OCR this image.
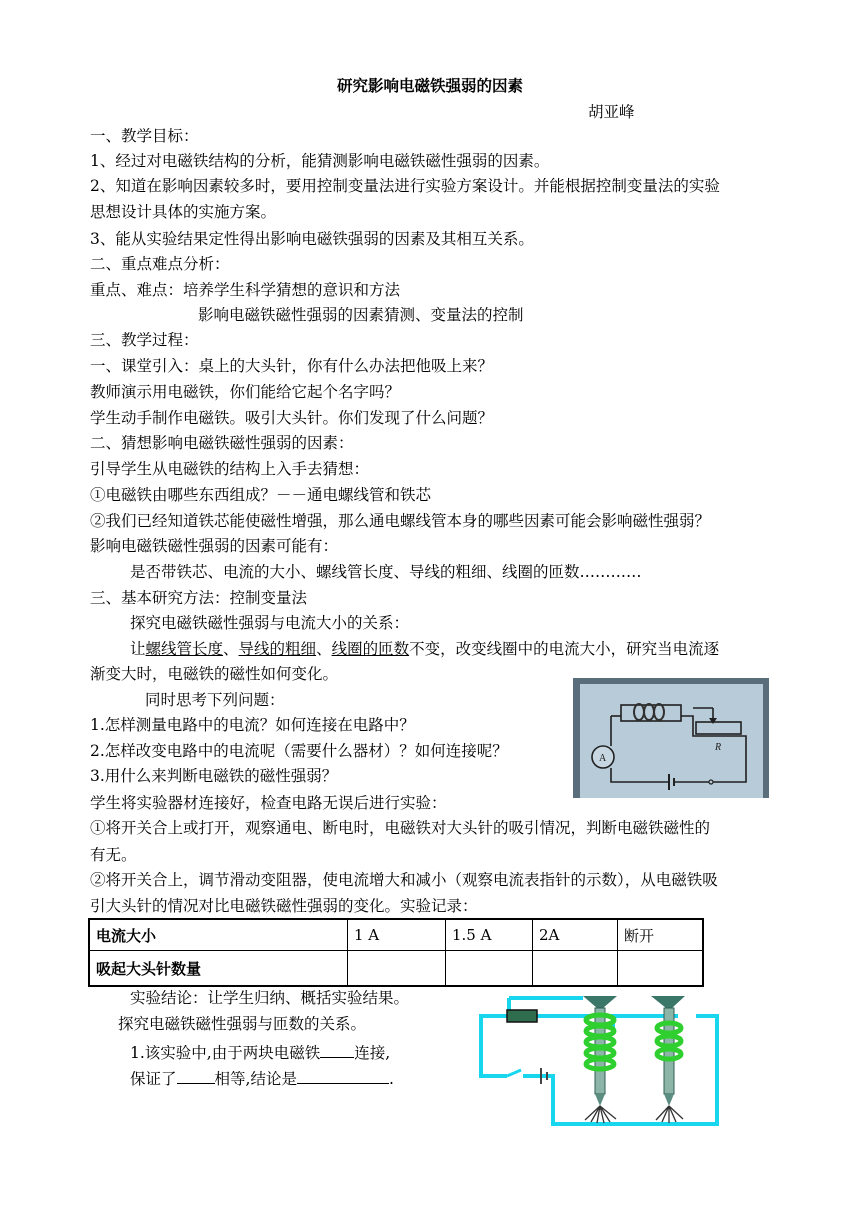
研究影响电磁铁强弱的因素
胡亚峰
一、教学目标：
1、经过对电磁铁结构的分析，能猜测影响电磁铁磁性强弱的因素。
2、知道在影响因素较多时，要用控制变量法进行实验方案设计。并能根据控制变量法的实验
思想设计具体的实施方案。
3、能从实验结果定性得出影响电磁铁强弱的因素及其相互关系。
二、重点难点分析：
重点、难点：培养学生科学猜想的意识和方法
影响电磁铁磁性强弱的因素猜测、变量法的控制
三、教学过程：
一、课堂引入：桌上的大头针，你有什么办法把他吸上来？
教师演示用电磁铁，你们能给它起个名字吗？
学生动手制作电磁铁。吸引大头针。你们发现了什么问题？
二、猜想影响电磁铁磁性强弱的因素：
引导学生从电磁铁的结构上入手去猜想：
①电磁铁由哪些东西组成？－－通电螺线管和铁芯
②我们已经知道铁芯能使磁性增强，那么通电螺线管本身的哪些因素可能会影响磁性强弱？
影响电磁铁磁性强弱的因素可能有：
是否带铁芯、电流的大小、螺线管长度、导线的粗细、线圈的匝数…………
三、基本研究方法：控制变量法
探究电磁铁磁性强弱与电流大小的关系：
让螺线管长度、导线的粗细、线圈的匝数不变，改变线圈中的电流大小，研究当电流逐
渐变大时，电磁铁的磁性如何变化。
同时思考下列问题：
1.怎样测量电路中的电流？如何连接在电路中？
2.怎样改变电路中的电流呢（需要什么器材）？如何连接呢？
3.用什么来判断电磁铁的磁性强弱？
学生将实验器材连接好，检查电路无误后进行实验：
①将开关合上或打开，观察通电、断电时，电磁铁对大头针的吸引情况，判断电磁铁磁性的
有无。
②将开关合上，调节滑动变阻器，使电流增大和减小（观察电流表指针的示数），从电磁铁吸
引大头针的情况对比电磁铁磁性强弱的变化。实验记录：
R
A
电流大小	1 A	1.5 A	2A	断开
吸起大头针数量				
实验结论：让学生归纳、概括实验结果。
探究电磁铁磁性强弱与匝数的关系。
1.该实验中,由于两块电磁铁 连接,
保证了 相等,结论是	.
